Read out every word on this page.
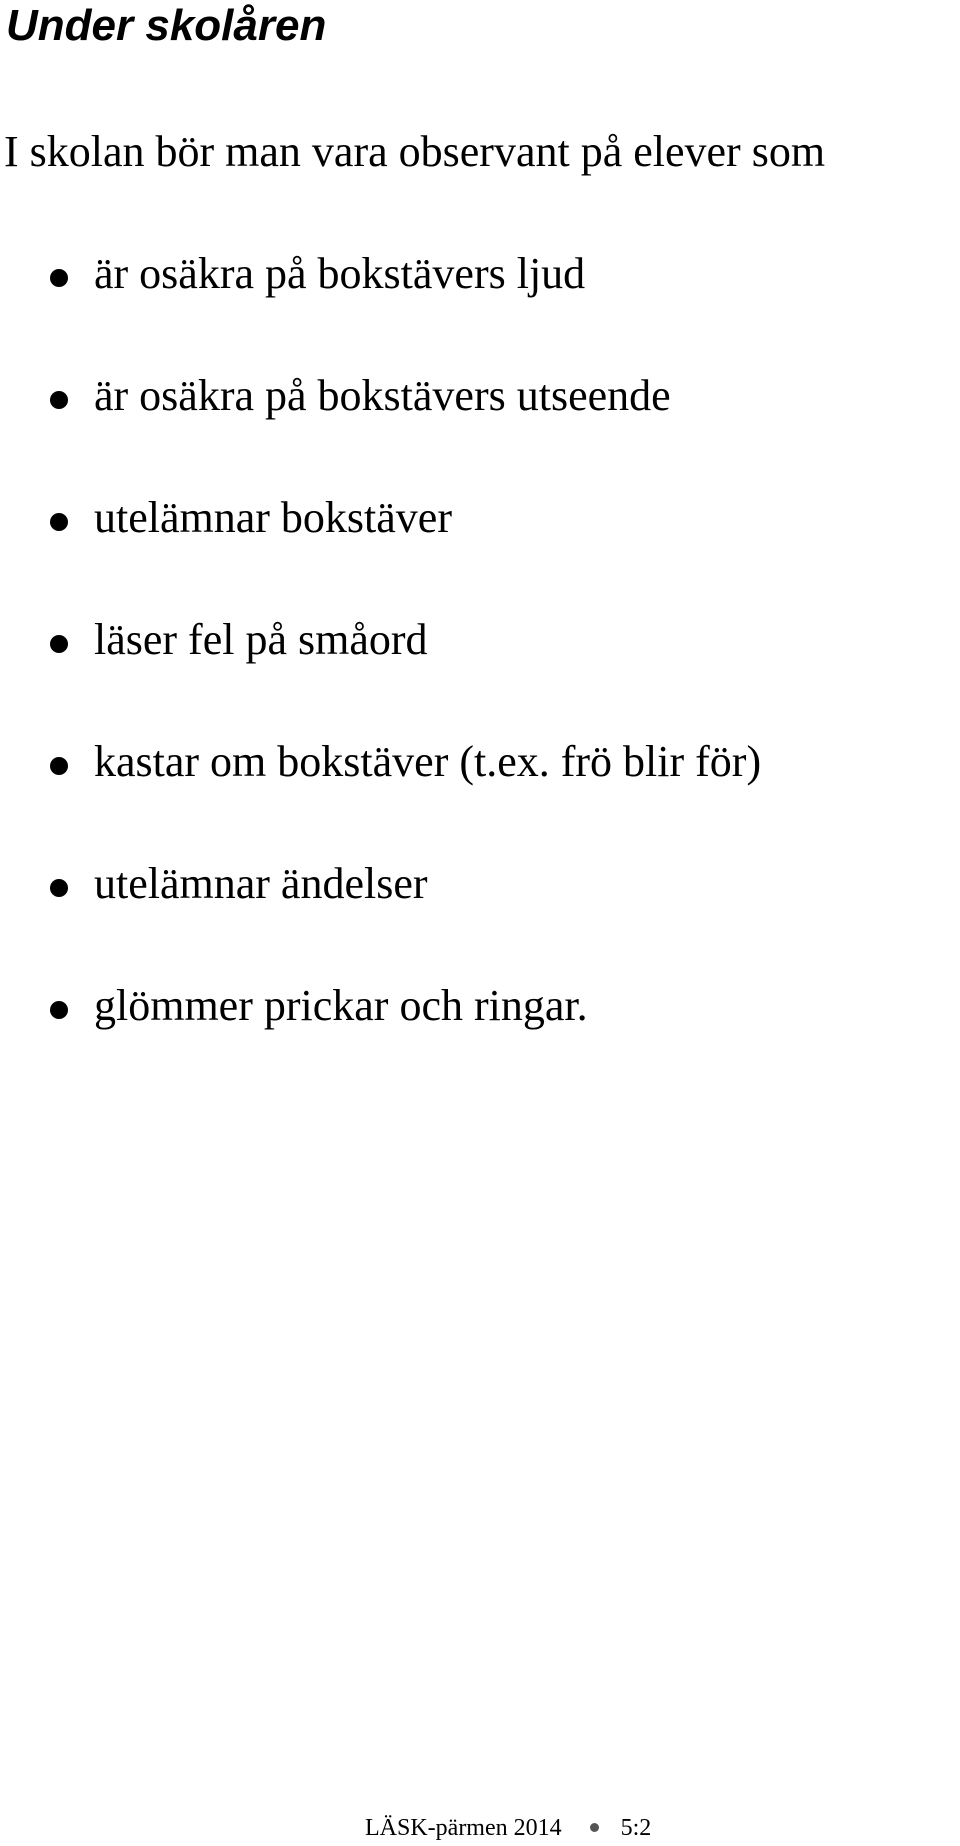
Under skolåren

I skolan bör man vara observant på elever som

är osäkra på bokstävers ljud
är osäkra på bokstävers utseende
utelämnar bokstäver
läser fel på småord
kastar om bokstäver (t.ex. frö blir för)
utelämnar ändelser
glömmer prickar och ringar.
LÄSK-pärmen 2014 5:2
